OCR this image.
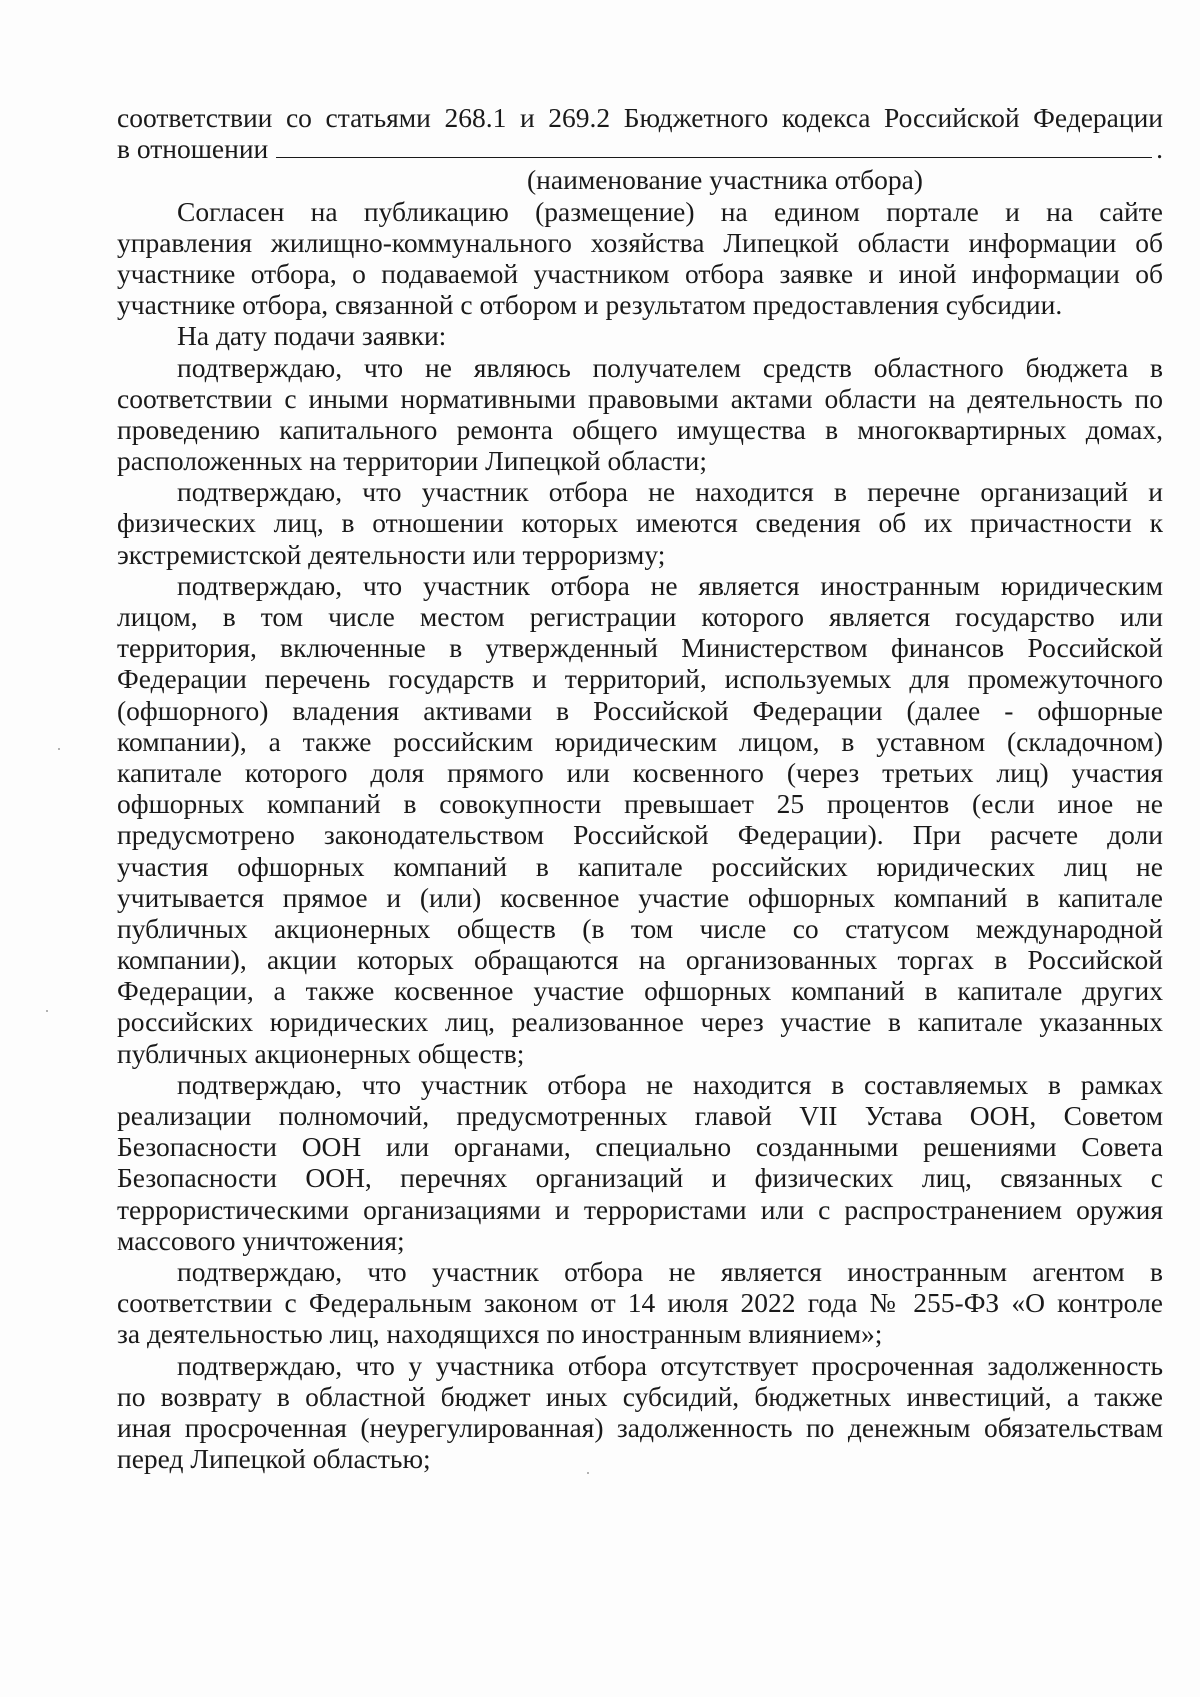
соответствии со статьями 268.1 и 269.2 Бюджетного кодекса Российской Федерации
в отношении	.
(наименование участника отбора)
Согласен на публикацию (размещение) на едином портале и на сайте
управления жилищно-коммунального хозяйства Липецкой области информации об
участнике отбора, о подаваемой участником отбора заявке и иной информации об
участнике отбора, связанной с отбором и результатом предоставления субсидии.
На дату подачи заявки:
подтверждаю, что не являюсь получателем средств областного бюджета в
соответствии с иными нормативными правовыми актами области на деятельность по
проведению капитального ремонта общего имущества в многоквартирных домах,
расположенных на территории Липецкой области;
подтверждаю, что участник отбора не находится в перечне организаций и
физических лиц, в отношении которых имеются сведения об их причастности к
экстремистской деятельности или терроризму;
подтверждаю, что участник отбора не является иностранным юридическим
лицом, в том числе местом регистрации которого является государство или
территория, включенные в утвержденный Министерством финансов Российской
Федерации перечень государств и территорий, используемых для промежуточного
(офшорного) владения активами в Российской Федерации (далее - офшорные
компании), а также российским юридическим лицом, в уставном (складочном)
капитале которого доля прямого или косвенного (через третьих лиц) участия
офшорных компаний в совокупности превышает 25 процентов (если иное не
предусмотрено законодательством Российской Федерации). При расчете доли
участия офшорных компаний в капитале российских юридических лиц не
учитывается прямое и (или) косвенное участие офшорных компаний в капитале
публичных акционерных обществ (в том числе со статусом международной
компании), акции которых обращаются на организованных торгах в Российской
Федерации, а также косвенное участие офшорных компаний в капитале других
российских юридических лиц, реализованное через участие в капитале указанных
публичных акционерных обществ;
подтверждаю, что участник отбора не находится в составляемых в рамках
реализации полномочий, предусмотренных главой VII Устава ООН, Советом
Безопасности ООН или органами, специально созданными решениями Совета
Безопасности ООН, перечнях организаций и физических лиц, связанных с
террористическими организациями и террористами или с распространением оружия
массового уничтожения;
подтверждаю, что участник отбора не является иностранным агентом в
соответствии с Федеральным законом от 14 июля 2022 года № 255-ФЗ «О контроле
за деятельностью лиц, находящихся по иностранным влиянием»;
подтверждаю, что у участника отбора отсутствует просроченная задолженность
по возврату в областной бюджет иных субсидий, бюджетных инвестиций, а также
иная просроченная (неурегулированная) задолженность по денежным обязательствам
перед Липецкой областью;
